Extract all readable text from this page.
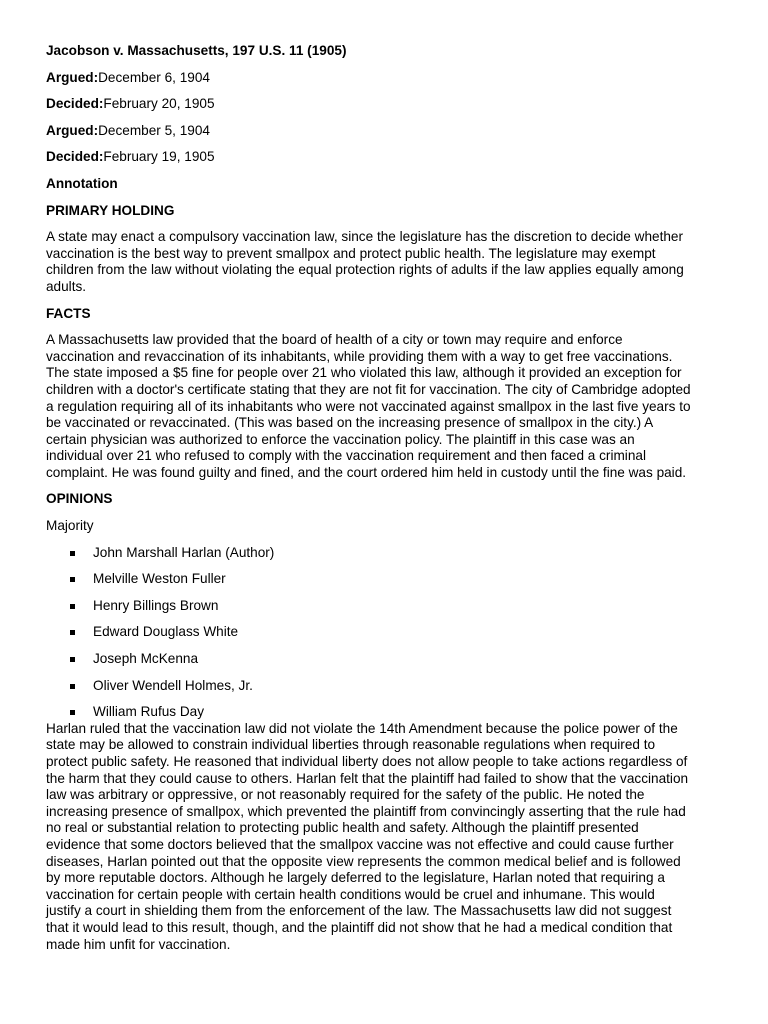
Jacobson v. Massachusetts, 197 U.S. 11 (1905)
Argued:December 6, 1904
Decided:February 20, 1905
Argued:December 5, 1904
Decided:February 19, 1905
Annotation
PRIMARY HOLDING
A state may enact a compulsory vaccination law, since the legislature has the discretion to decide whether
vaccination is the best way to prevent smallpox and protect public health. The legislature may exempt
children from the law without violating the equal protection rights of adults if the law applies equally among
adults.
FACTS
A Massachusetts law provided that the board of health of a city or town may require and enforce
vaccination and revaccination of its inhabitants, while providing them with a way to get free vaccinations.
The state imposed a $5 fine for people over 21 who violated this law, although it provided an exception for
children with a doctor's certificate stating that they are not fit for vaccination. The city of Cambridge adopted
a regulation requiring all of its inhabitants who were not vaccinated against smallpox in the last five years to
be vaccinated or revaccinated. (This was based on the increasing presence of smallpox in the city.) A
certain physician was authorized to enforce the vaccination policy. The plaintiff in this case was an
individual over 21 who refused to comply with the vaccination requirement and then faced a criminal
complaint. He was found guilty and fined, and the court ordered him held in custody until the fine was paid.
OPINIONS
Majority
John Marshall Harlan (Author)
Melville Weston Fuller
Henry Billings Brown
Edward Douglass White
Joseph McKenna
Oliver Wendell Holmes, Jr.
William Rufus Day
Harlan ruled that the vaccination law did not violate the 14th Amendment because the police power of the
state may be allowed to constrain individual liberties through reasonable regulations when required to
protect public safety. He reasoned that individual liberty does not allow people to take actions regardless of
the harm that they could cause to others. Harlan felt that the plaintiff had failed to show that the vaccination
law was arbitrary or oppressive, or not reasonably required for the safety of the public. He noted the
increasing presence of smallpox, which prevented the plaintiff from convincingly asserting that the rule had
no real or substantial relation to protecting public health and safety. Although the plaintiff presented
evidence that some doctors believed that the smallpox vaccine was not effective and could cause further
diseases, Harlan pointed out that the opposite view represents the common medical belief and is followed
by more reputable doctors. Although he largely deferred to the legislature, Harlan noted that requiring a
vaccination for certain people with certain health conditions would be cruel and inhumane. This would
justify a court in shielding them from the enforcement of the law. The Massachusetts law did not suggest
that it would lead to this result, though, and the plaintiff did not show that he had a medical condition that
made him unfit for vaccination.
